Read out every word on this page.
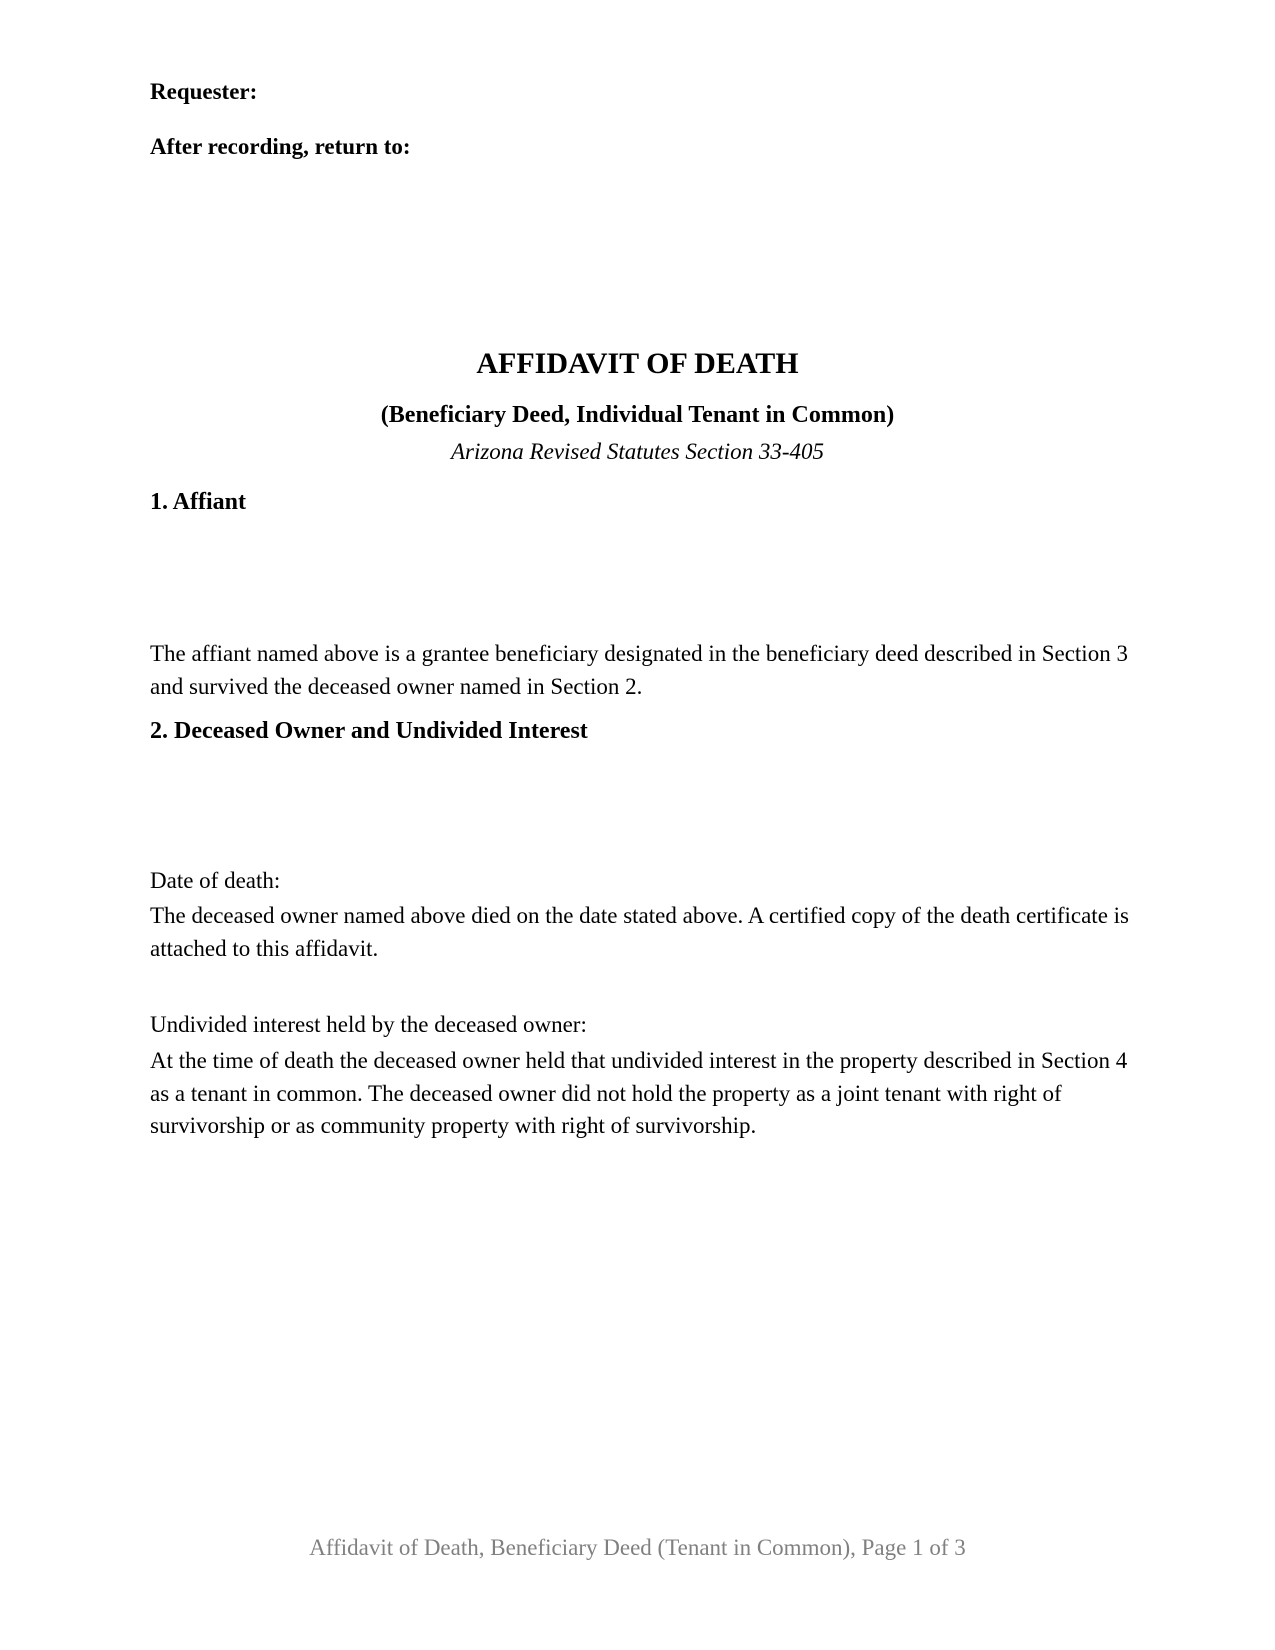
Requester:

After recording, return to:

AFFIDAVIT OF DEATH
(Beneficiary Deed, Individual Tenant in Common)

Arizona Revised Statutes Section 33-405

1. Affiant

The affiant named above is a grantee beneficiary designated in the beneficiary deed described in Section 3 and survived the deceased owner named in Section 2.

2. Deceased Owner and Undivided Interest

Date of death:

The deceased owner named above died on the date stated above. A certified copy of the death certificate is attached to this affidavit.

Undivided interest held by the deceased owner:

At the time of death the deceased owner held that undivided interest in the property described in Section 4 as a tenant in common. The deceased owner did not hold the property as a joint tenant with right of survivorship or as community property with right of survivorship.

Affidavit of Death, Beneficiary Deed (Tenant in Common), Page 1 of 3
